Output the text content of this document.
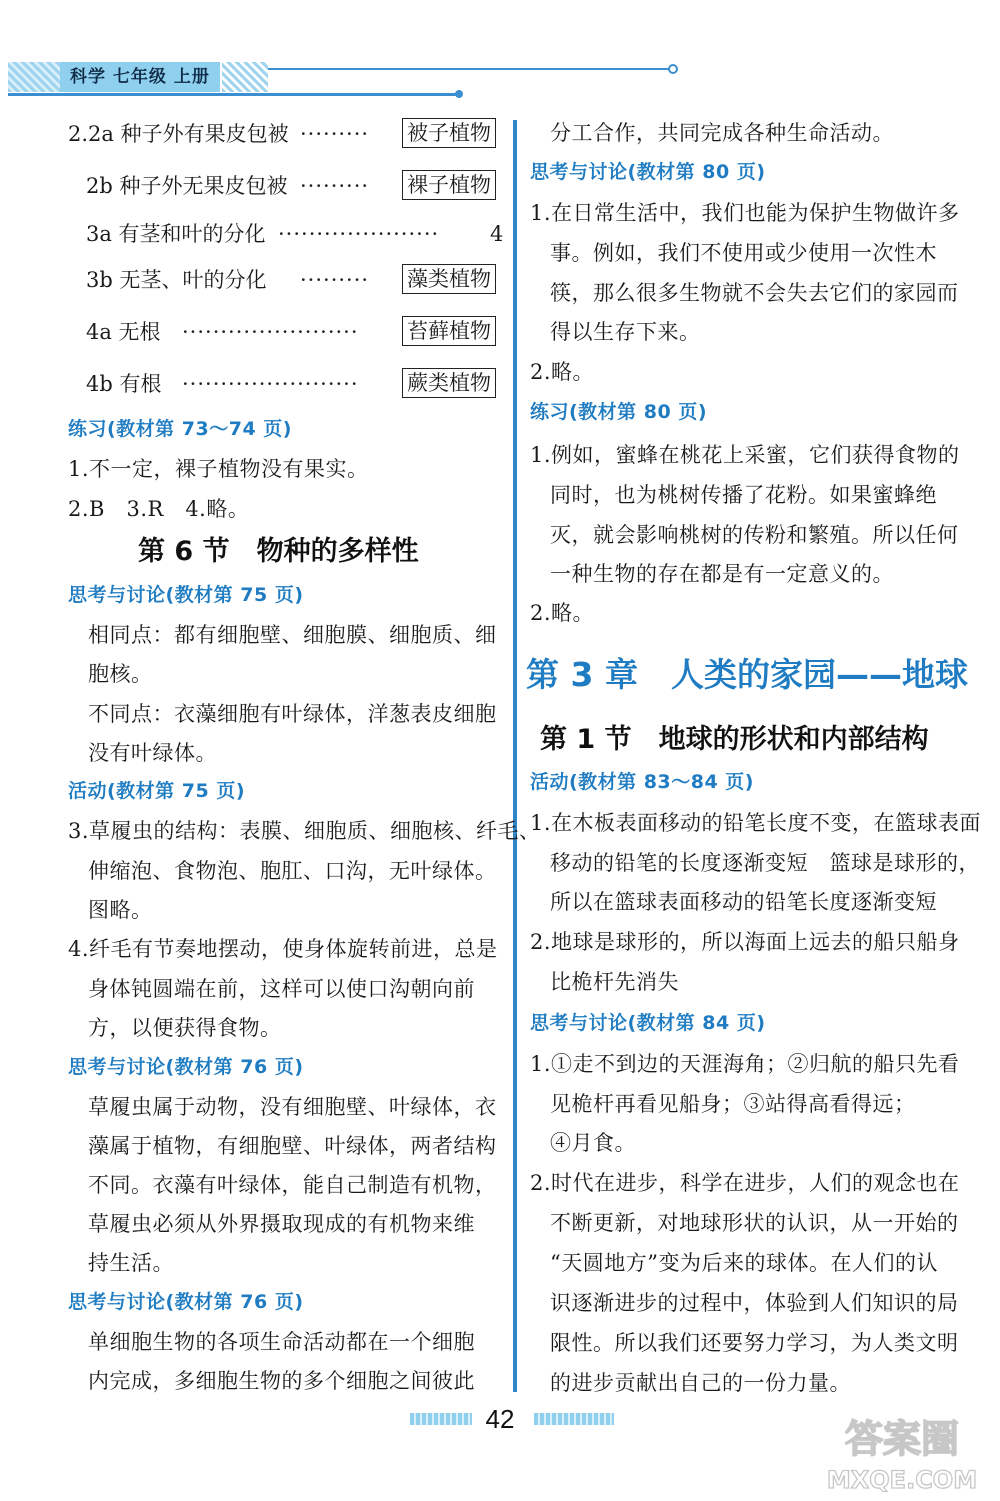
科学 七年级 上册
2.2a 种子外有果皮包被 ········· 被子植物
2b 种子外无果皮包被 ········· 裸子植物
3a 有茎和叶的分化 ····················· 4
3b 无茎、叶的分化 ········· 藻类植物
4a 无根 ······················· 苔藓植物
4b 有根 ······················· 蕨类植物
练习(教材第 73～74 页)
1.不一定，裸子植物没有果实。
2.B　3.R　4.略。
第 6 节　物种的多样性
思考与讨论(教材第 75 页)
相同点：都有细胞壁、细胞膜、细胞质、细
胞核。
不同点：衣藻细胞有叶绿体，洋葱表皮细胞
没有叶绿体。
活动(教材第 75 页)
3.草履虫的结构：表膜、细胞质、细胞核、纤毛、
伸缩泡、食物泡、胞肛、口沟，无叶绿体。
图略。
4.纤毛有节奏地摆动，使身体旋转前进，总是
身体钝圆端在前，这样可以使口沟朝向前
方，以便获得食物。
思考与讨论(教材第 76 页)
草履虫属于动物，没有细胞壁、叶绿体，衣
藻属于植物，有细胞壁、叶绿体，两者结构
不同。衣藻有叶绿体，能自己制造有机物，
草履虫必须从外界摄取现成的有机物来维
持生活。
思考与讨论(教材第 76 页)
单细胞生物的各项生命活动都在一个细胞
内完成，多细胞生物的多个细胞之间彼此
分工合作，共同完成各种生命活动。
思考与讨论(教材第 80 页)
1.在日常生活中，我们也能为保护生物做许多
事。例如，我们不使用或少使用一次性木
筷，那么很多生物就不会失去它们的家园而
得以生存下来。
2.略。
练习(教材第 80 页)
1.例如，蜜蜂在桃花上采蜜，它们获得食物的
同时，也为桃树传播了花粉。如果蜜蜂绝
灭，就会影响桃树的传粉和繁殖。所以任何
一种生物的存在都是有一定意义的。
2.略。
第 3 章　人类的家园——地球
第 1 节　地球的形状和内部结构
活动(教材第 83～84 页)
1.在木板表面移动的铅笔长度不变，在篮球表面
移动的铅笔的长度逐渐变短　篮球是球形的，
所以在篮球表面移动的铅笔长度逐渐变短
2.地球是球形的，所以海面上远去的船只船身
比桅杆先消失
思考与讨论(教材第 84 页)
1.①走不到边的天涯海角；②归航的船只先看
见桅杆再看见船身；③站得高看得远；
④月食。
2.时代在进步，科学在进步，人们的观念也在
不断更新，对地球形状的认识，从一开始的
“天圆地方”变为后来的球体。在人们的认
识逐渐进步的过程中，体验到人们知识的局
限性。所以我们还要努力学习，为人类文明
的进步贡献出自己的一份力量。
42	答案圈
MXQE.COM
